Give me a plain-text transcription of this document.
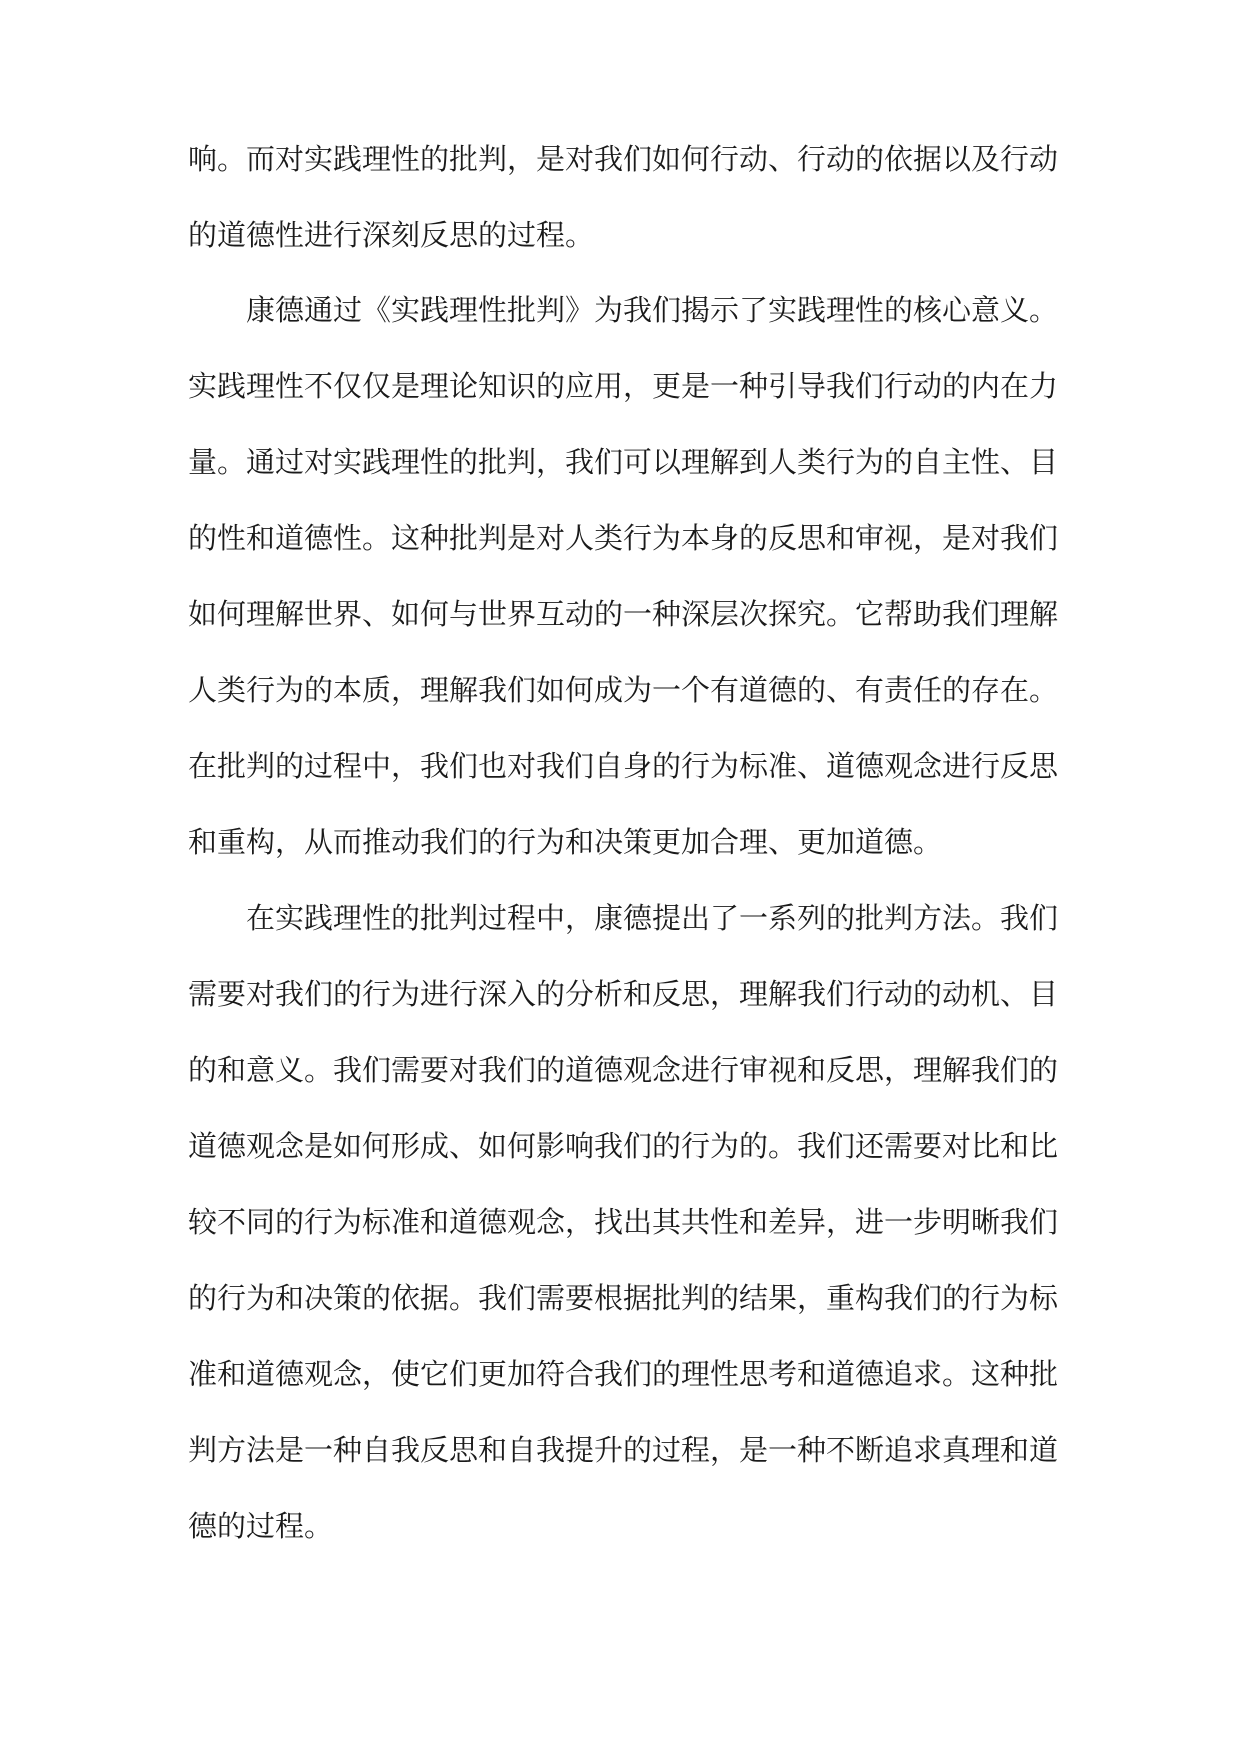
响。而对实践理性的批判，是对我们如何行动、行动的依据以及行动
的道德性进行深刻反思的过程。
康德通过《实践理性批判》为我们揭示了实践理性的核心意义。
实践理性不仅仅是理论知识的应用，更是一种引导我们行动的内在力
量。通过对实践理性的批判，我们可以理解到人类行为的自主性、目
的性和道德性。这种批判是对人类行为本身的反思和审视，是对我们
如何理解世界、如何与世界互动的一种深层次探究。它帮助我们理解
人类行为的本质，理解我们如何成为一个有道德的、有责任的存在。
在批判的过程中，我们也对我们自身的行为标准、道德观念进行反思
和重构，从而推动我们的行为和决策更加合理、更加道德。
在实践理性的批判过程中，康德提出了一系列的批判方法。我们
需要对我们的行为进行深入的分析和反思，理解我们行动的动机、目
的和意义。我们需要对我们的道德观念进行审视和反思，理解我们的
道德观念是如何形成、如何影响我们的行为的。我们还需要对比和比
较不同的行为标准和道德观念，找出其共性和差异，进一步明晰我们
的行为和决策的依据。我们需要根据批判的结果，重构我们的行为标
准和道德观念，使它们更加符合我们的理性思考和道德追求。这种批
判方法是一种自我反思和自我提升的过程，是一种不断追求真理和道
德的过程。
